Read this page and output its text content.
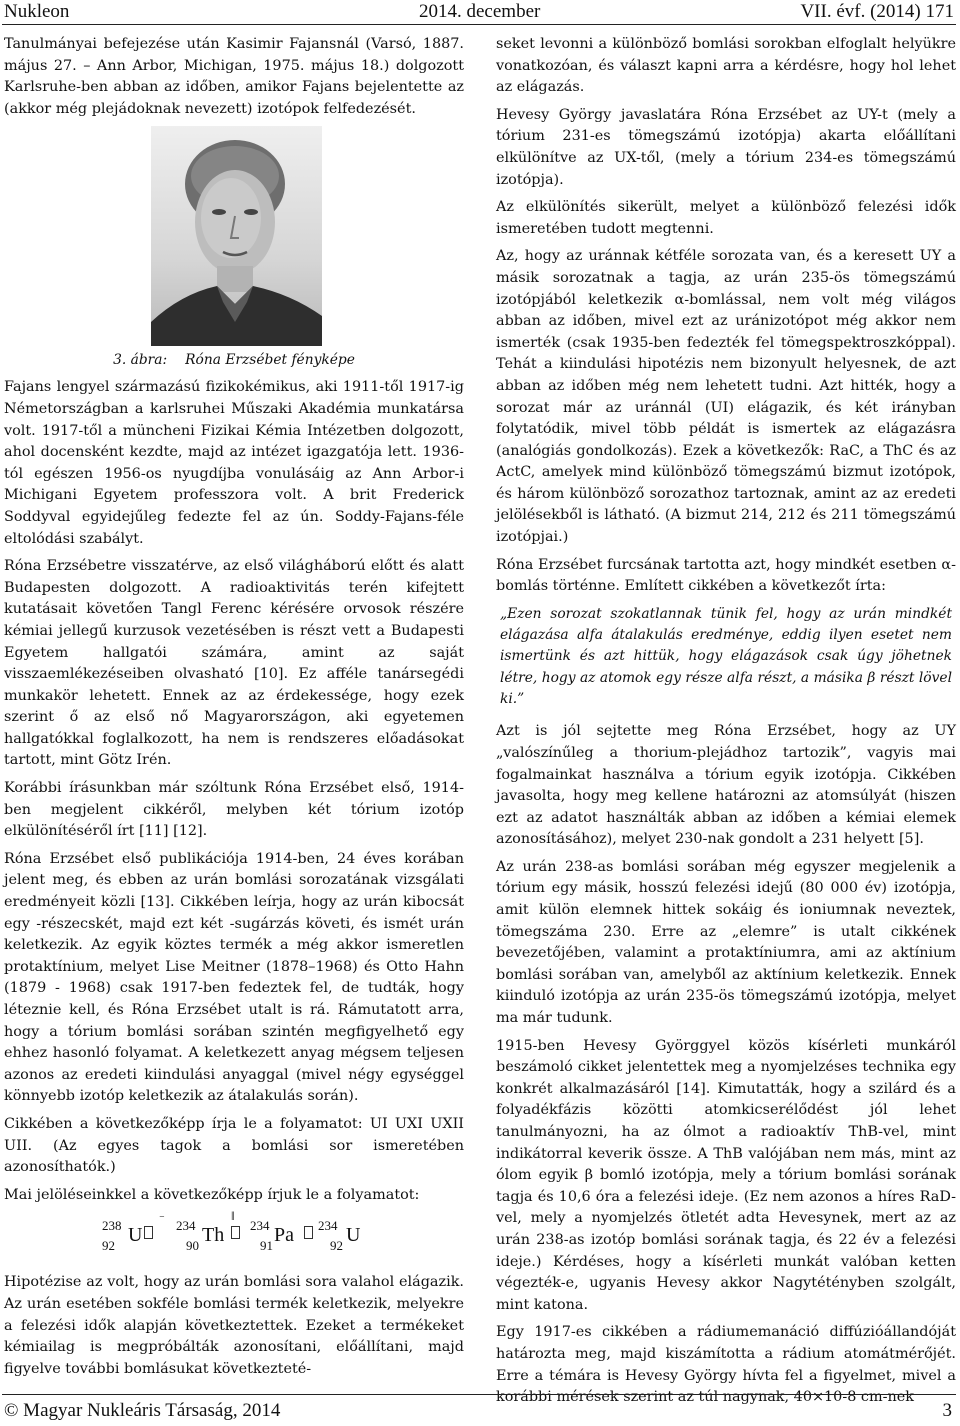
Nukleon	2014. december	VII. évf. (2014) 171

Tanulmányai befejezése után Kasimir Fajansnál (Varsó, 1887. május 27. – Ann Arbor, Michigan, 1975. május 18.) dolgozott Karlsruhe-ben abban az időben, amikor Fajans bejelentette az (akkor még plejádoknak nevezett) izotópok felfedezését.

3. ábra: Róna Erzsébet fényképe

Fajans lengyel származású fizikokémikus, aki 1911-től 1917-ig Németországban a karlsruhei Műszaki Akadémia munkatársa volt. 1917-től a müncheni Fizikai Kémia Intézetben dolgozott, ahol docensként kezdte, majd az intézet igazgatója lett. 1936-tól egészen 1956-os nyugdíjba vonulásáig az Ann Arbor-i Michigani Egyetem professzora volt. A brit Frederick Soddyval egyidejűleg fedezte fel az ún. Soddy-Fajans-féle eltolódási szabályt.

Róna Erzsébetre visszatérve, az első világháború előtt és alatt Budapesten dolgozott. A radioaktivitás terén kifejtett kutatásait követően Tangl Ferenc kérésére orvosok részére kémiai jellegű kurzusok vezetésében is részt vett a Budapesti Egyetem hallgatói számára, amint az saját visszaemlékezéseiben olvasható [10]. Ez afféle tanársegédi munkakör lehetett. Ennek az az érdekessége, hogy ezek szerint ő az első nő Magyarországon, aki egyetemen hallgatókkal foglalkozott, ha nem is rendszeres előadásokat tartott, mint Götz Irén.

Korábbi írásunkban már szóltunk Róna Erzsébet első, 1914-ben megjelent cikkéről, melyben két tórium izotóp elkülönítéséről írt [11] [12].

Róna Erzsébet első publikációja 1914-ben, 24 éves korában jelent meg, és ebben az urán bomlási sorozatának vizsgálati eredményeit közli [13]. Cikkében leírja, hogy az urán kibocsát egy -részecskét, majd ezt két -sugárzás követi, és ismét urán keletkezik. Az egyik köztes termék a még akkor ismeretlen protaktínium, melyet Lise Meitner (1878–1968) és Otto Hahn (1879 - 1968) csak 1917-ben fedeztek fel, de tudták, hogy léteznie kell, és Róna Erzsébet utalt is rá. Rámutatott arra, hogy a tórium bomlási sorában szintén megfigyelhető egy ehhez hasonló folyamat. A keletkezett anyag mégsem teljesen azonos az eredeti kiindulási anyaggal (mivel négy egységgel könnyebb izotóp keletkezik az átalakulás során).

Cikkében a következőképp írja le a folyamatot: UI UXI UXII UII. (Az egyes tagok a bomlási sor ismeretében azonosíthatók.)

Mai jelöléseinkkel a következőképp írjuk le a folyamatot:

238
92 U
⁻ 234
90 Th
‖
234
91 Pa 234
92 U

Hipotézise az volt, hogy az urán bomlási sora valahol elágazik. Az urán esetében sokféle bomlási termék keletkezik, melyekre a felezési idők alapján következtettek. Ezeket a termékeket kémiailag is megpróbálták azonosítani, előállítani, majd figyelve további bomlásukat következteté-

seket levonni a különböző bomlási sorokban elfoglalt helyükre vonatkozóan, és választ kapni arra a kérdésre, hogy hol lehet az elágazás.

Hevesy György javaslatára Róna Erzsébet az UY-t (mely a tórium 231-es tömegszámú izotópja) akarta előállítani elkülönítve az UX-től, (mely a tórium 234-es tömegszámú izotópja).

Az elkülönítés sikerült, melyet a különböző felezési idők ismeretében tudott megtenni.

Az, hogy az uránnak kétféle sorozata van, és a keresett UY a másik sorozatnak a tagja, az urán 235-ös tömegszámú izotópjából keletkezik α-bomlással, nem volt még világos abban az időben, mivel ezt az uránizotópot még akkor nem ismerték (csak 1935-ben fedezték fel tömegspektroszkóppal). Tehát a kiindulási hipotézis nem bizonyult helyesnek, de azt abban az időben még nem lehetett tudni. Azt hitték, hogy a sorozat már az uránnál (UI) elágazik, és két irányban folytatódik, mivel több példát is ismertek az elágazásra (analógiás gondolkozás). Ezek a következők: RaC, a ThC és az ActC, amelyek mind különböző tömegszámú bizmut izotópok, és három különböző sorozathoz tartoznak, amint az az eredeti jelölésekből is látható. (A bizmut 214, 212 és 211 tömegszámú izotópjai.)

Róna Erzsébet furcsának tartotta azt, hogy mindkét esetben α-bomlás történne. Említett cikkében a következőt írta:

„Ezen sorozat szokatlannak tünik fel, hogy az urán mindkét elágazása alfa átalakulás eredménye, eddig ilyen esetet nem ismertünk és azt hittük, hogy elágazások csak úgy jöhetnek létre, hogy az atomok egy része alfa részt, a másika β részt lövel ki.”

Azt is jól sejtette meg Róna Erzsébet, hogy az UY „valószínűleg a thorium-plejádhoz tartozik”, vagyis mai fogalmainkat használva a tórium egyik izotópja. Cikkében javasolta, hogy meg kellene határozni az atomsúlyát (hiszen ezt az adatot használták abban az időben a kémiai elemek azonosításához), melyet 230-nak gondolt a 231 helyett [5].

Az urán 238-as bomlási sorában még egyszer megjelenik a tórium egy másik, hosszú felezési idejű (80 000 év) izotópja, amit külön elemnek hittek sokáig és ioniumnak neveztek, tömegszáma 230. Erre az „elemre” is utalt cikkének bevezetőjében, valamint a protaktíniumra, ami az aktínium bomlási sorában van, amelyből az aktínium keletkezik. Ennek kiinduló izotópja az urán 235-ös tömegszámú izotópja, melyet ma már tudunk.

1915-ben Hevesy Györggyel közös kísérleti munkáról beszámoló cikket jelentettek meg a nyomjelzéses technika egy konkrét alkalmazásáról [14]. Kimutatták, hogy a szilárd és a folyadékfázis közötti atomkicserélődést jól lehet tanulmányozni, ha az ólmot a radioaktív ThB-vel, mint indikátorral keverik össze. A ThB valójában nem más, mint az ólom egyik β bomló izotópja, mely a tórium bomlási sorának tagja és 10,6 óra a felezési ideje. (Ez nem azonos a híres RaD-vel, mely a nyomjelzés ötletét adta Hevesynek, mert az az urán 238-as izotóp bomlási sorának tagja, és 22 év a felezési ideje.) Kérdéses, hogy a kísérleti munkát valóban ketten végezték-e, ugyanis Hevesy akkor Nagytétényben szolgált, mint katona.

Egy 1917-es cikkében a rádiumemanáció diffúzióállandóját határozta meg, majd kiszámította a rádium atomátmérőjét. Erre a témára is Hevesy György hívta fel a figyelmet, mivel a korábbi mérések szerint az túl nagynak, 40×10-8 cm-nek

© Magyar Nukleáris Társaság, 2014	3
